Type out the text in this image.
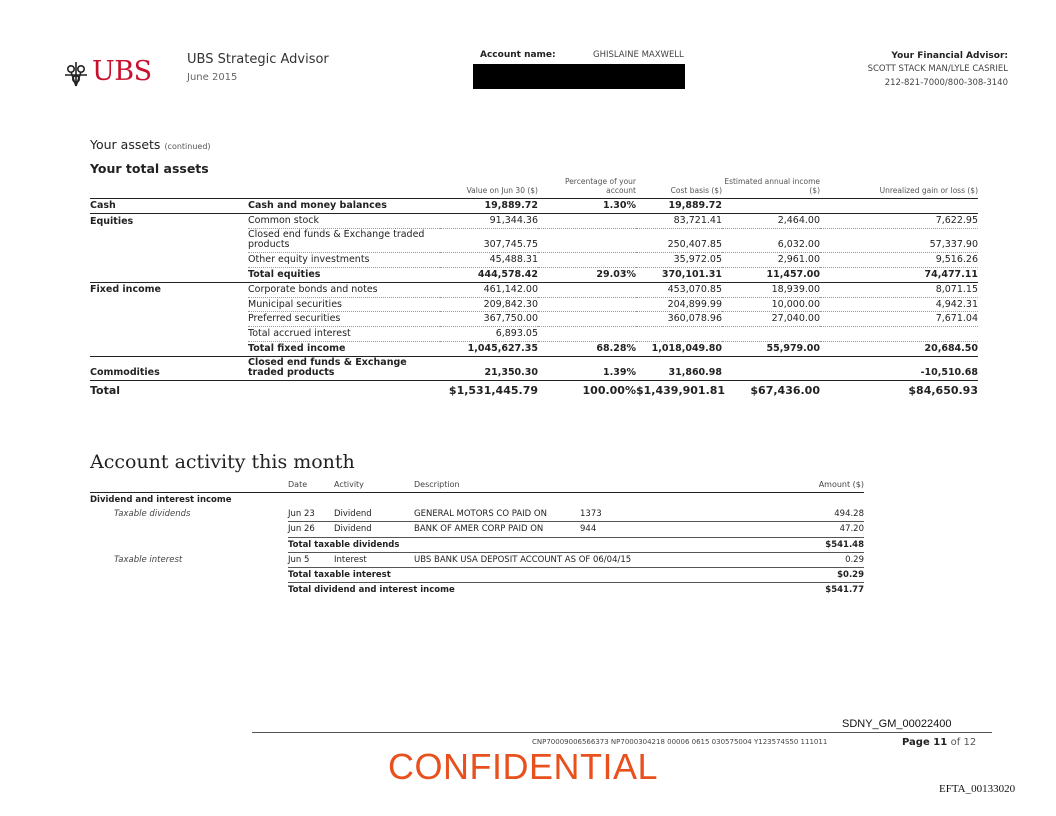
UBS	UBS Strategic Advisor
June 2015
Account name:	GHISLAINE MAXWELL	Your Financial Advisor:
SCOTT STACK MAN/LYLE CASRIEL
212-821-7000/800-308-3140
Your assets (continued)
Your total assets
		Value on Jun 30 ($)	Percentage of your account	Cost basis ($)	Estimated annual income ($)	Unrealized gain or loss ($)
Cash	Cash and money balances	19,889.72	1.30%	19,889.72		
Equities	Common stock	91,344.36		83,721.41	2,464.00	7,622.95
	Closed end funds & Exchange traded products	307,745.75		250,407.85	6,032.00	57,337.90
	Other equity investments	45,488.31		35,972.05	2,961.00	9,516.26
	Total equities	444,578.42	29.03%	370,101.31	11,457.00	74,477.11
Fixed income	Corporate bonds and notes	461,142.00		453,070.85	18,939.00	8,071.15
	Municipal securities	209,842.30		204,899.99	10,000.00	4,942.31
	Preferred securities	367,750.00		360,078.96	27,040.00	7,671.04
	Total accrued interest	6,893.05				
	Total fixed income	1,045,627.35	68.28%	1,018,049.80	55,979.00	20,684.50
Commodities	Closed end funds & Exchange traded products	21,350.30	1.39%	31,860.98		-10,510.68
Total		$1,531,445.79	100.00%	$1,439,901.81	$67,436.00	$84,650.93
Account activity this month
	Date	Activity	Description		Amount ($)
Dividend and interest income					
Taxable dividends	Jun 23	Dividend	GENERAL MOTORS CO PAID ON	1373	494.28
	Jun 26	Dividend	BANK OF AMER CORP PAID ON	944	47.20
	Total taxable dividends				$541.48
Taxable interest	Jun 5	Interest	UBS BANK USA DEPOSIT ACCOUNT AS OF 06/04/15		0.29
	Total taxable interest				$0.29
	Total dividend and interest income				$541.77
SDNY_GM_00022400
CNP70009006566373 NP7000304218 00006 0615 030575004 Y123574S50 111011	Page 11 of 12
CONFIDENTIAL
EFTA_00133020
